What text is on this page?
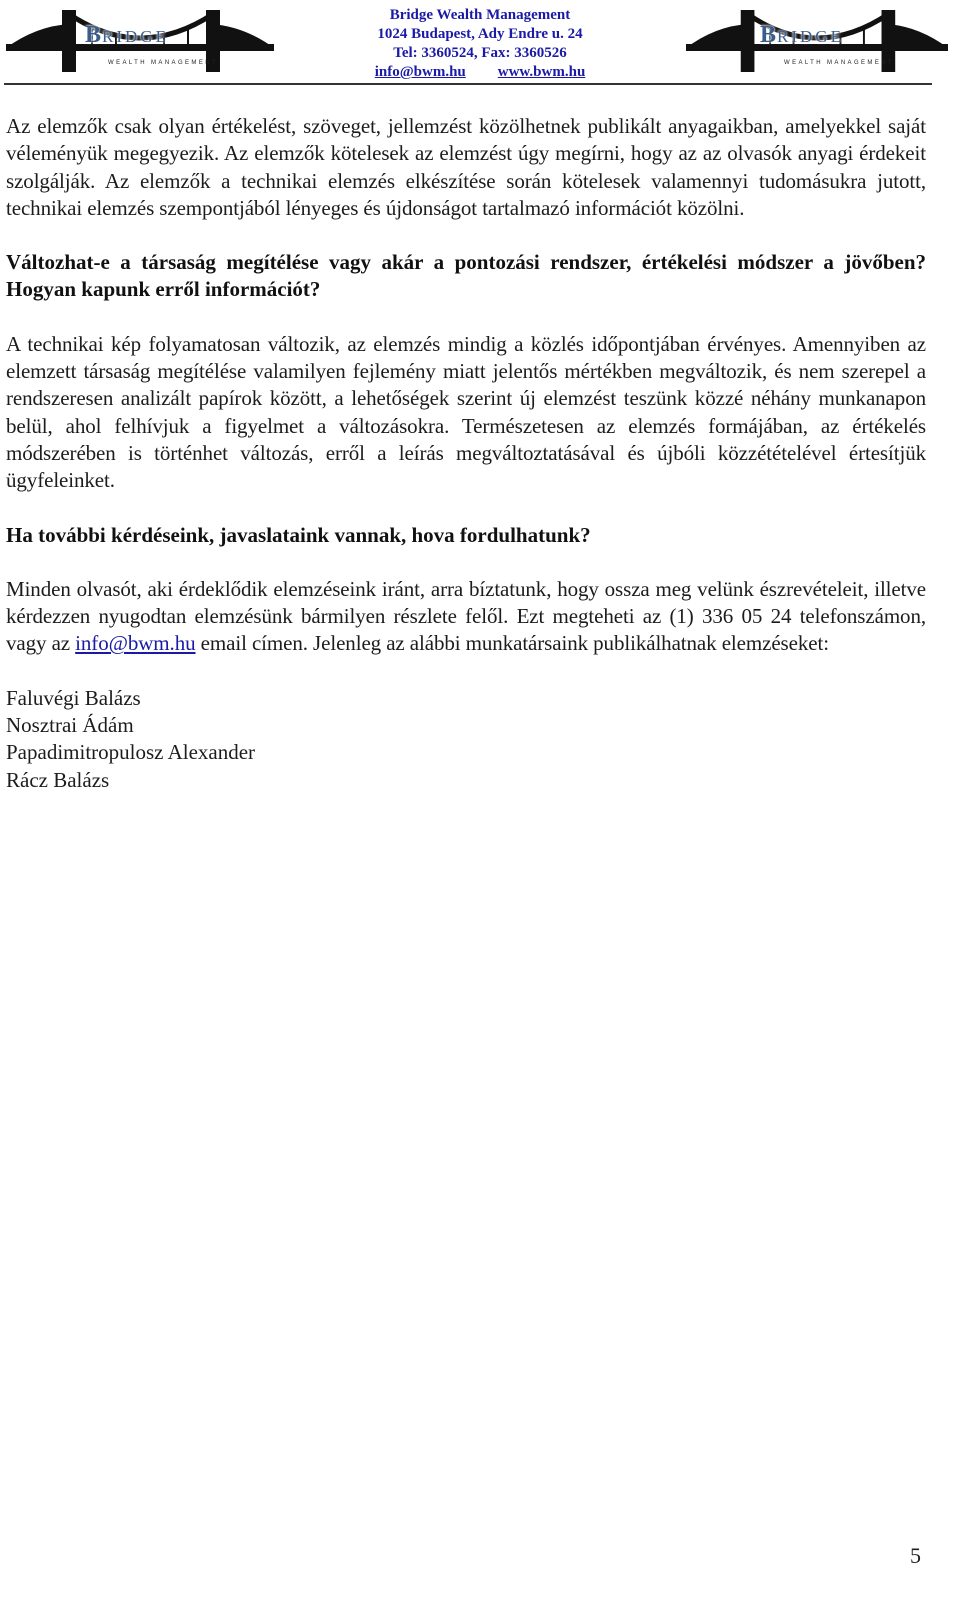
BRIDGE
WEALTH MANAGEMENT
Bridge Wealth Management
1024 Budapest, Ady Endre u. 24
Tel: 3360524, Fax: 3360526
info@bwm.hu www.bwm.hu
BRIDGE
WEALTH MANAGEMENT

Az elemzők csak olyan értékelést, szöveget, jellemzést közölhetnek publikált anyagaikban, amelyekkel saját véleményük megegyezik. Az elemzők kötelesek az elemzést úgy megírni, hogy az az olvasók anyagi érdekeit szolgálják. Az elemzők a technikai elemzés elkészítése során kötelesek valamennyi tudomásukra jutott, technikai elemzés szempontjából lényeges és újdonságot tartalmazó információt közölni.

Változhat-e a társaság megítélése vagy akár a pontozási rendszer, értékelési módszer a jövőben? Hogyan kapunk erről információt?

A technikai kép folyamatosan változik, az elemzés mindig a közlés időpontjában érvényes. Amennyiben az elemzett társaság megítélése valamilyen fejlemény miatt jelentős mértékben megváltozik, és nem szerepel a rendszeresen analizált papírok között, a lehetőségek szerint új elemzést teszünk közzé néhány munkanapon belül, ahol felhívjuk a figyelmet a változásokra. Természetesen az elemzés formájában, az értékelés módszerében is történhet változás, erről a leírás megváltoztatásával és újbóli közzétételével értesítjük ügyfeleinket.

Ha további kérdéseink, javaslataink vannak, hova fordulhatunk?

Minden olvasót, aki érdeklődik elemzéseink iránt, arra bíztatunk, hogy ossza meg velünk észrevételeit, illetve kérdezzen nyugodtan elemzésünk bármilyen részlete felől. Ezt megteheti az (1) 336 05 24 telefonszámon, vagy az info@bwm.hu email címen. Jelenleg az alábbi munkatársaink publikálhatnak elemzéseket:

Faluvégi Balázs
Nosztrai Ádám
Papadimitropulosz Alexander
Rácz Balázs
5
